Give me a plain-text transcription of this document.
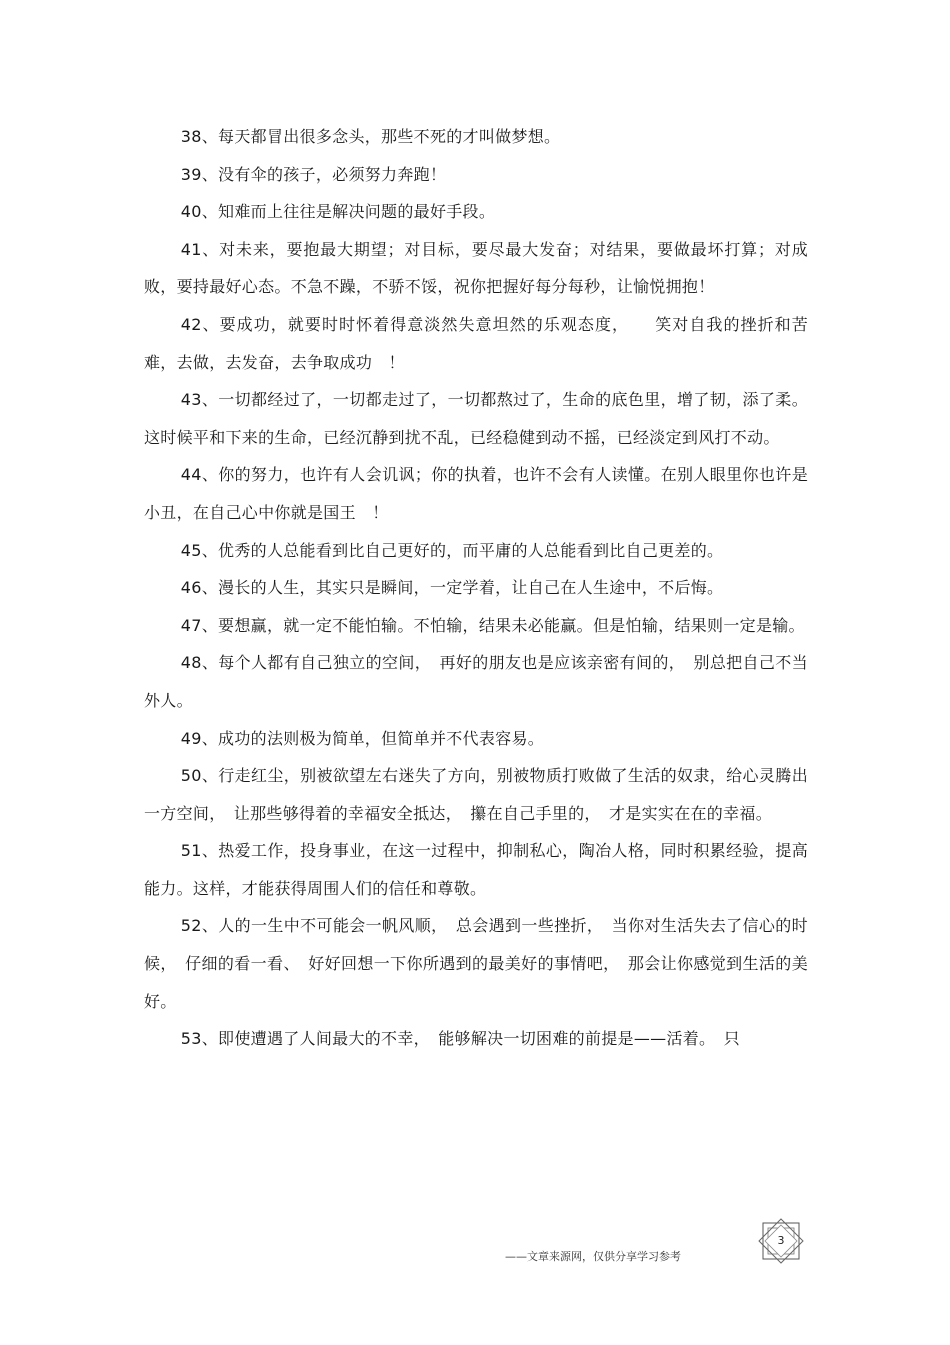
38、每天都冒出很多念头，那些不死的才叫做梦想。

39、没有伞的孩子，必须努力奔跑！

40、知难而上往往是解决问题的最好手段。

41、对未来，要抱最大期望；对目标，要尽最大发奋；对结果，要做最坏打算；对成败，要持最好心态。不急不躁，不骄不馁，祝你把握好每分每秒，让愉悦拥抱！

42、要成功，就要时时怀着得意淡然失意坦然的乐观态度，　　笑对自我的挫折和苦难，去做，去发奋，去争取成功　！

43、一切都经过了，一切都走过了，一切都熬过了，生命的底色里，增了韧，添了柔。这时候平和下来的生命，已经沉静到扰不乱，已经稳健到动不摇，已经淡定到风打不动。

44、你的努力，也许有人会讥讽；你的执着，也许不会有人读懂。在别人眼里你也许是小丑，在自己心中你就是国王　！

45、优秀的人总能看到比自己更好的，而平庸的人总能看到比自己更差的。

46、漫长的人生，其实只是瞬间，一定学着，让自己在人生途中，不后悔。

47、要想赢，就一定不能怕输。不怕输，结果未必能赢。但是怕输，结果则一定是输。

48、每个人都有自己独立的空间，　再好的朋友也是应该亲密有间的，　别总把自己不当外人。

49、成功的法则极为简单，但简单并不代表容易。

50、行走红尘，别被欲望左右迷失了方向，别被物质打败做了生活的奴隶，给心灵腾出一方空间，　让那些够得着的幸福安全抵达，　攥在自己手里的，　才是实实在在的幸福。

51、热爱工作，投身事业，在这一过程中，抑制私心，陶冶人格，同时积累经验，提高能力。这样，才能获得周围人们的信任和尊敬。

52、人的一生中不可能会一帆风顺，　总会遇到一些挫折，　当你对生活失去了信心的时候，　仔细的看一看、　好好回想一下你所遇到的最美好的事情吧，　那会让你感觉到生活的美好。

53、即使遭遇了人间最大的不幸，　能够解决一切困难的前提是——活着。　只

3
——文章来源网，仅供分享学习参考
